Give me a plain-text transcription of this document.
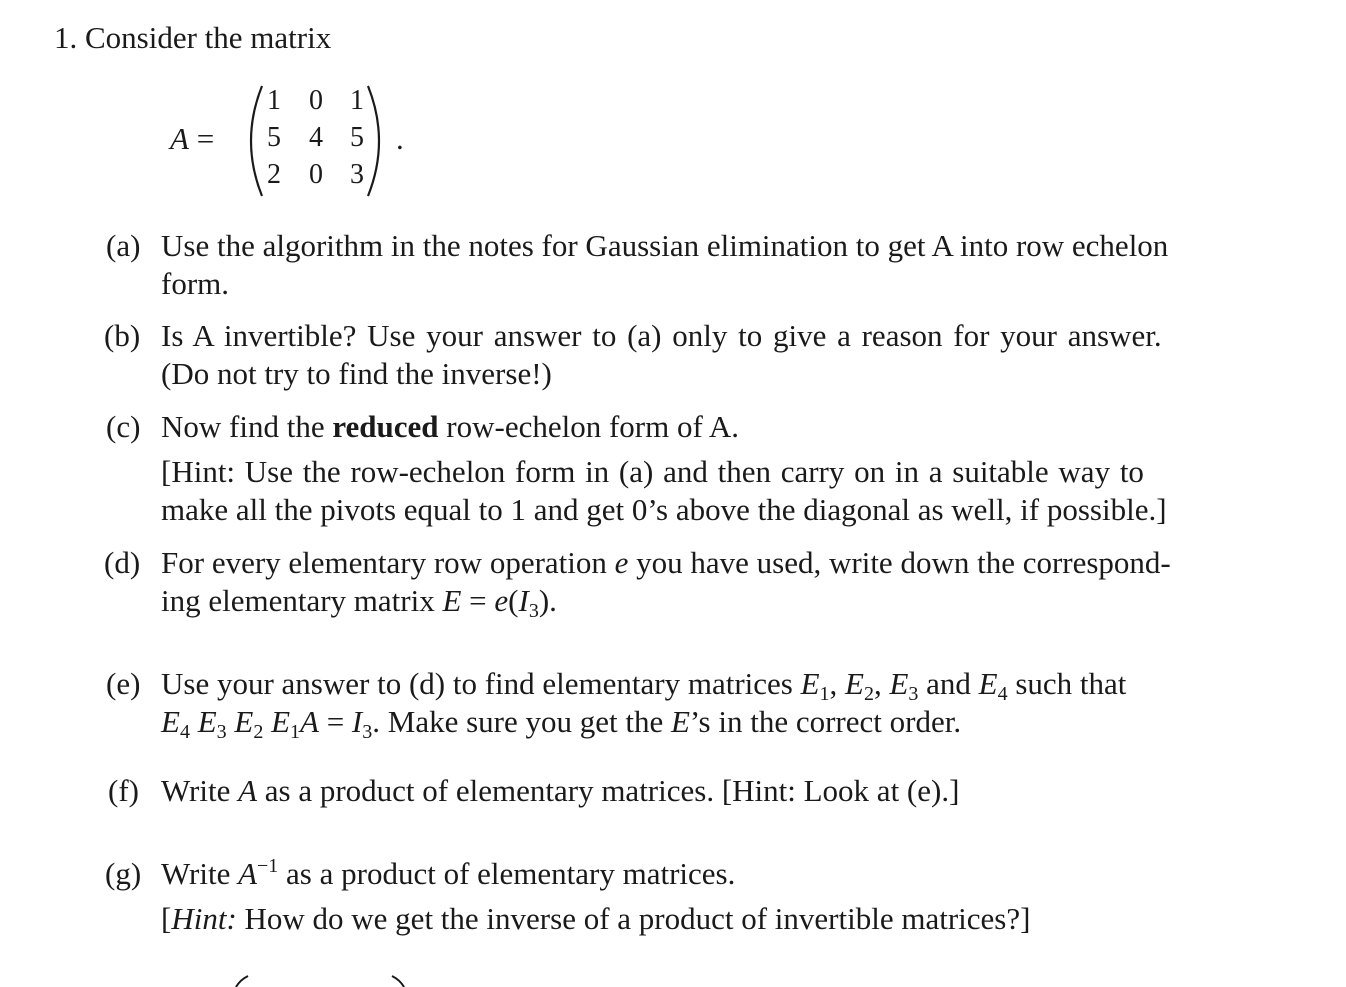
1. Consider the matrix
A =
1 0 1
5 4 5
2 0 3
.
(a) Use the algorithm in the notes for Gaussian elimination to get A into row echelon
form.
(b) Is A invertible? Use your answer to (a) only to give a reason for your answer.
(Do not try to find the inverse!)
(c) Now find the reduced row-echelon form of A.
[Hint: Use the row-echelon form in (a) and then carry on in a suitable way to
make all the pivots equal to 1 and get 0’s above the diagonal as well, if possible.]
(d) For every elementary row operation e you have used, write down the correspond-
ing elementary matrix $E = e(I_3)$.
(e) Use your answer to (d) to find elementary matrices $E_1$, $E_2$, $E_3$ and $E_4$ such that
$E_4$ $E_3$ $E_2$ $E_1A = I_3$. Make sure you get the E’s in the correct order.
(f) Write A as a product of elementary matrices. [Hint: Look at (e).]
(g) Write $A^{-1}$ as a product of elementary matrices.
[Hint: How do we get the inverse of a product of invertible matrices?]
